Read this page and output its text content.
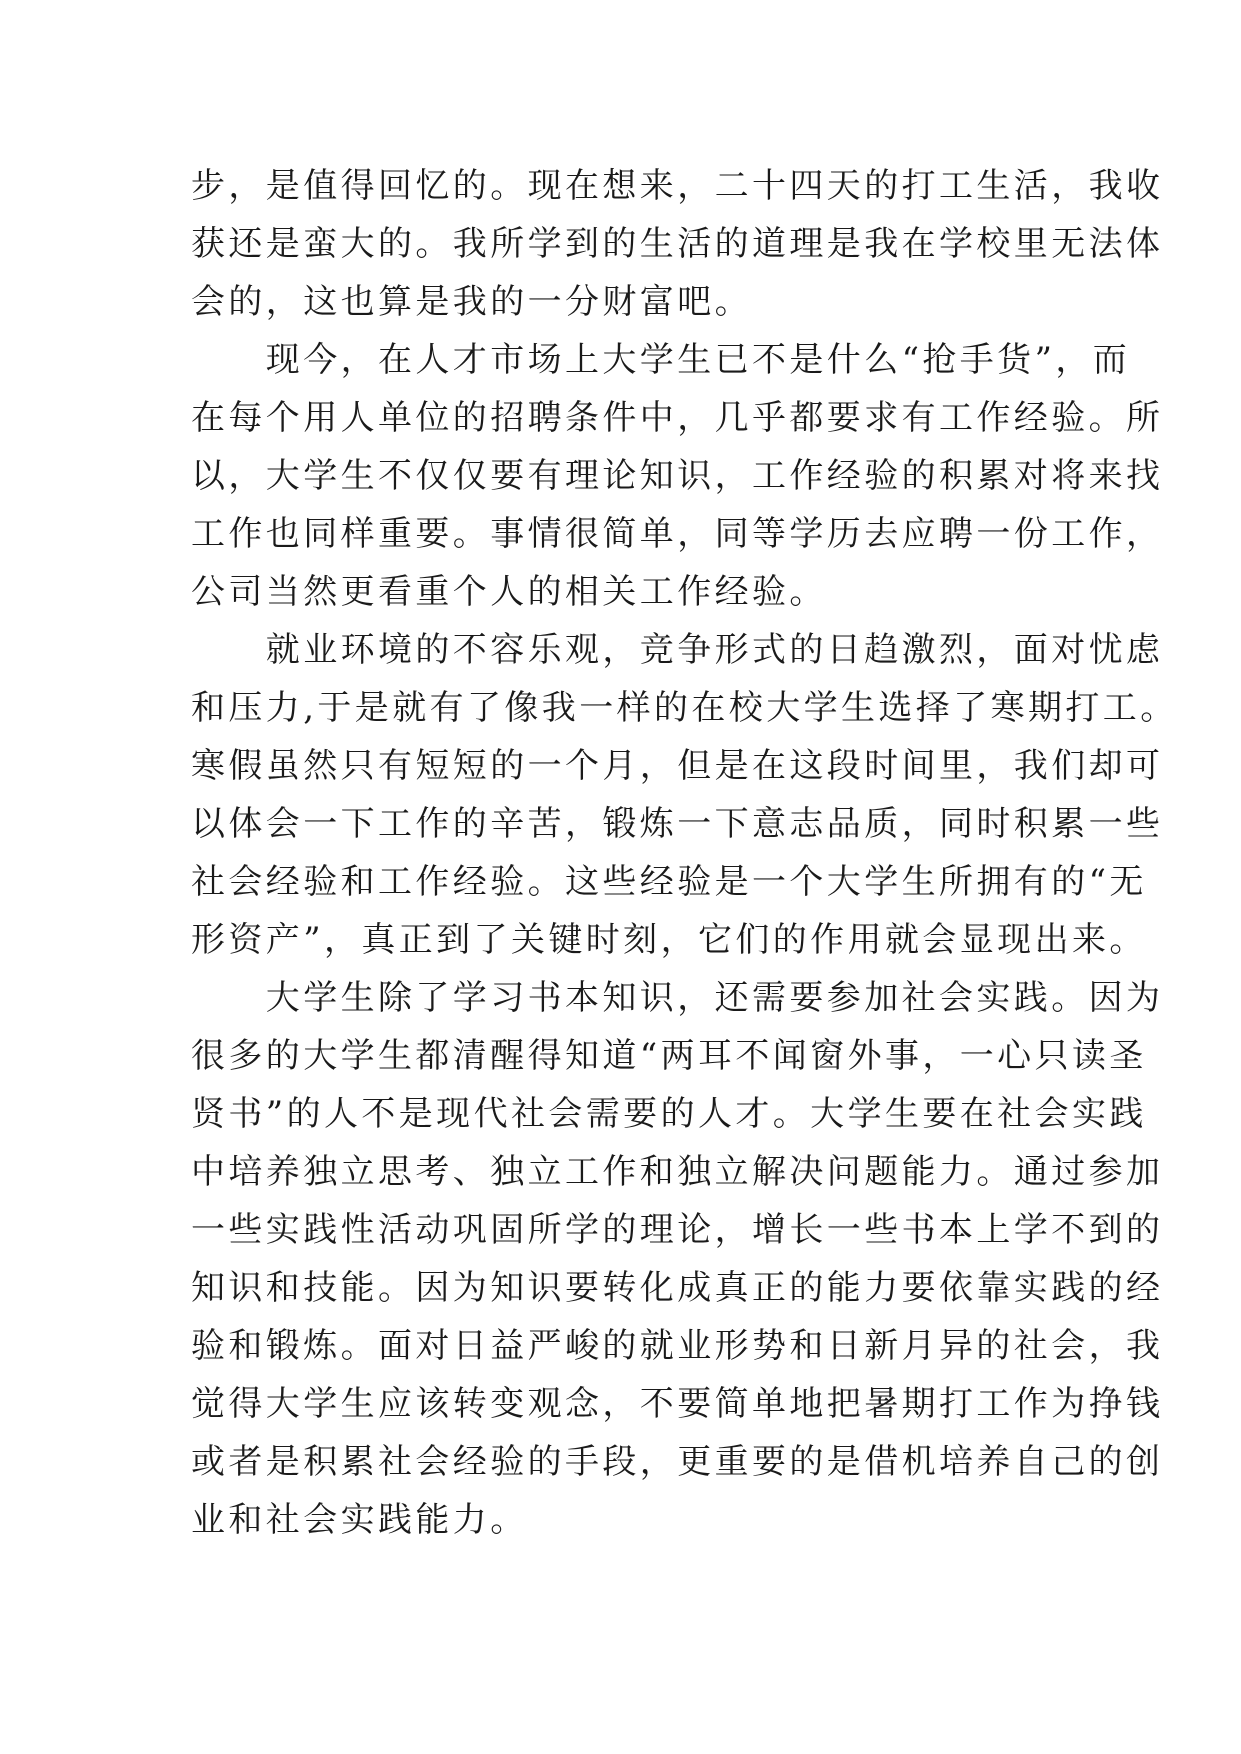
步，是值得回忆的。现在想来，二十四天的打工生活，我收
获还是蛮大的。我所学到的生活的道理是我在学校里无法体
会的，这也算是我的一分财富吧。
　　现今，在人才市场上大学生已不是什么“抢手货”，而
在每个用人单位的招聘条件中，几乎都要求有工作经验。所
以，大学生不仅仅要有理论知识，工作经验的积累对将来找
工作也同样重要。事情很简单，同等学历去应聘一份工作，
公司当然更看重个人的相关工作经验。
　　就业环境的不容乐观，竞争形式的日趋激烈，面对忧虑
和压力,于是就有了像我一样的在校大学生选择了寒期打工。
寒假虽然只有短短的一个月，但是在这段时间里，我们却可
以体会一下工作的辛苦，锻炼一下意志品质，同时积累一些
社会经验和工作经验。这些经验是一个大学生所拥有的“无
形资产”，真正到了关键时刻，它们的作用就会显现出来。
　　大学生除了学习书本知识，还需要参加社会实践。因为
很多的大学生都清醒得知道“两耳不闻窗外事，一心只读圣
贤书”的人不是现代社会需要的人才。大学生要在社会实践
中培养独立思考、独立工作和独立解决问题能力。通过参加
一些实践性活动巩固所学的理论，增长一些书本上学不到的
知识和技能。因为知识要转化成真正的能力要依靠实践的经
验和锻炼。面对日益严峻的就业形势和日新月异的社会，我
觉得大学生应该转变观念，不要简单地把暑期打工作为挣钱
或者是积累社会经验的手段，更重要的是借机培养自己的创
业和社会实践能力。
